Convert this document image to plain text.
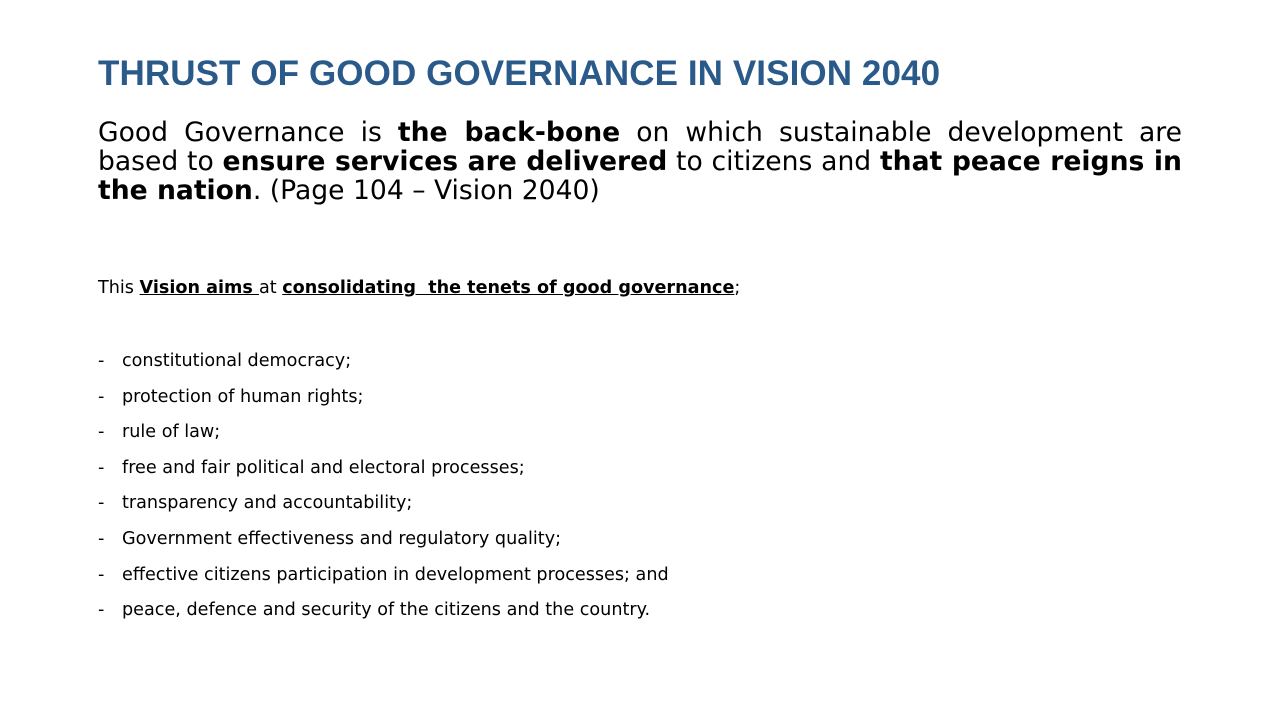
THRUST OF GOOD GOVERNANCE IN VISION 2040

Good Governance is the back-bone on which sustainable development are based to ensure services are delivered to citizens and that peace reigns in the nation. (Page 104 – Vision 2040)

This Vision aims at consolidating  the tenets of good governance;

- constitutional democracy;
- protection of human rights;
- rule of law;
- free and fair political and electoral processes;
- transparency and accountability;
- Government effectiveness and regulatory quality;
- effective citizens participation in development processes; and
- peace, defence and security of the citizens and the country.
